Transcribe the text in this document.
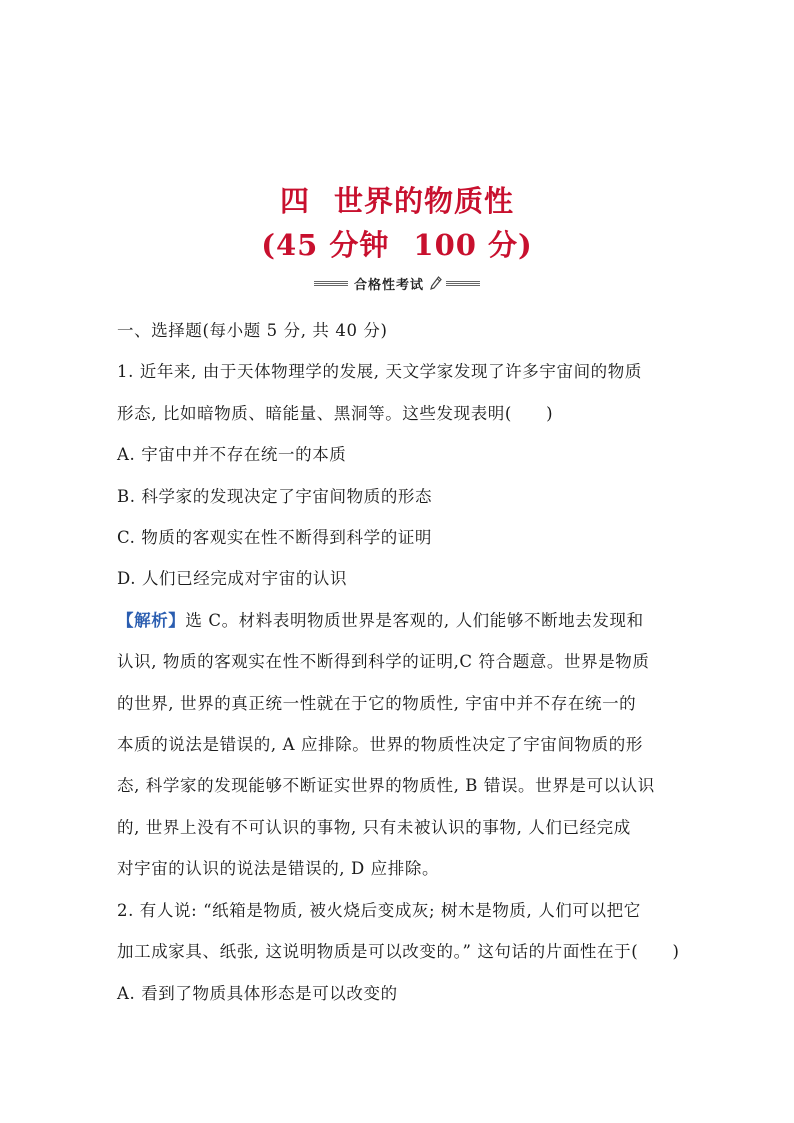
四 世界的物质性
(45 分钟 100 分)
合格性考试
一、选择题(每小题 5 分, 共 40 分)
1. 近年来, 由于天体物理学的发展, 天文学家发现了许多宇宙间的物质
形态, 比如暗物质、暗能量、黑洞等。这些发现表明(　　)
A. 宇宙中并不存在统一的本质
B. 科学家的发现决定了宇宙间物质的形态
C. 物质的客观实在性不断得到科学的证明
D. 人们已经完成对宇宙的认识
【解析】选 C。材料表明物质世界是客观的, 人们能够不断地去发现和
认识, 物质的客观实在性不断得到科学的证明,C 符合题意。世界是物质
的世界, 世界的真正统一性就在于它的物质性, 宇宙中并不存在统一的
本质的说法是错误的, A 应排除。世界的物质性决定了宇宙间物质的形
态, 科学家的发现能够不断证实世界的物质性, B 错误。世界是可以认识
的, 世界上没有不可认识的事物, 只有未被认识的事物, 人们已经完成
对宇宙的认识的说法是错误的, D 应排除。
2. 有人说: “纸箱是物质, 被火烧后变成灰; 树木是物质, 人们可以把它
加工成家具、纸张, 这说明物质是可以改变的。” 这句话的片面性在于(　　)
A. 看到了物质具体形态是可以改变的
